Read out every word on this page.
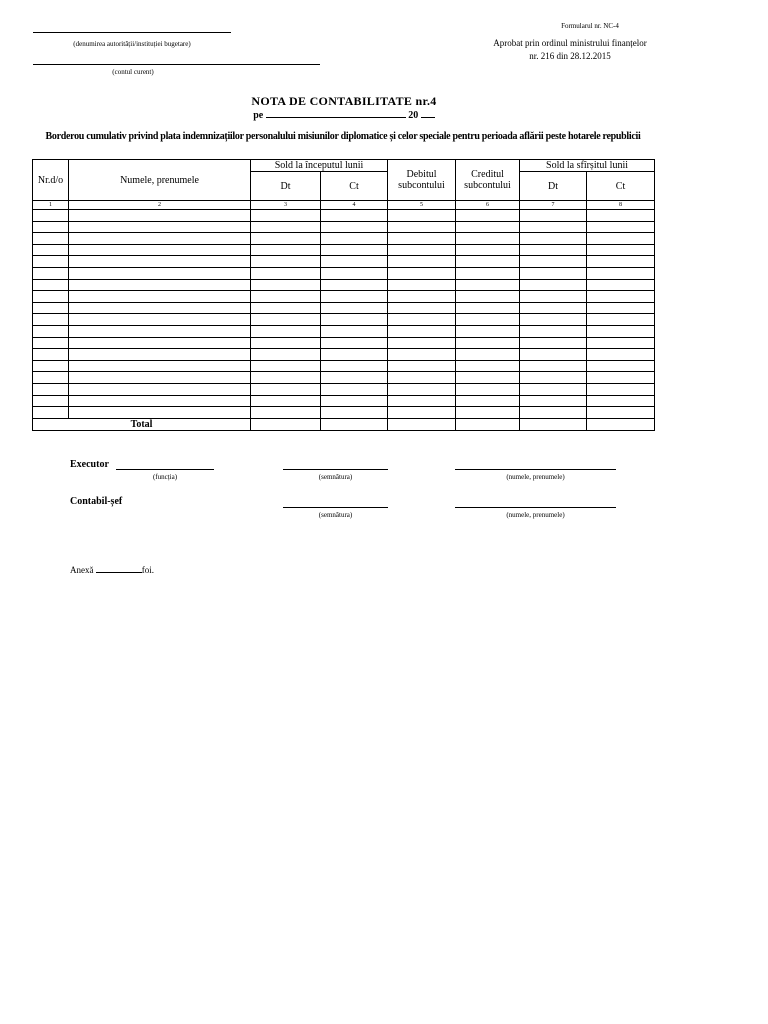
(denumirea autorității/instituției bugetare)
(contul curent)
Formularul nr. NC-4
Aprobat prin ordinul ministrului finanțelor
nr. 216 din 28.12.2015
NOTA DE CONTABILITATE nr.4
pe	20
Borderou cumulativ privind plata indemnizațiilor personalului misiunilor diplomatice și celor speciale pentru perioada aflării peste hotarele republicii
Nr.d/o	Numele, prenumele	Sold la începutul lunii		Debitul subcontului	Creditul subcontului	Sold la sfîrșitul lunii	
		Dt	Ct			Dt	Ct
1	2	3	4	5	6	7	8

Total							
Executor
(funcția)	(semnătura)	(numele, prenumele)
Contabil-șef
(semnătura)	(numele, prenumele)
Anexă	foi.
